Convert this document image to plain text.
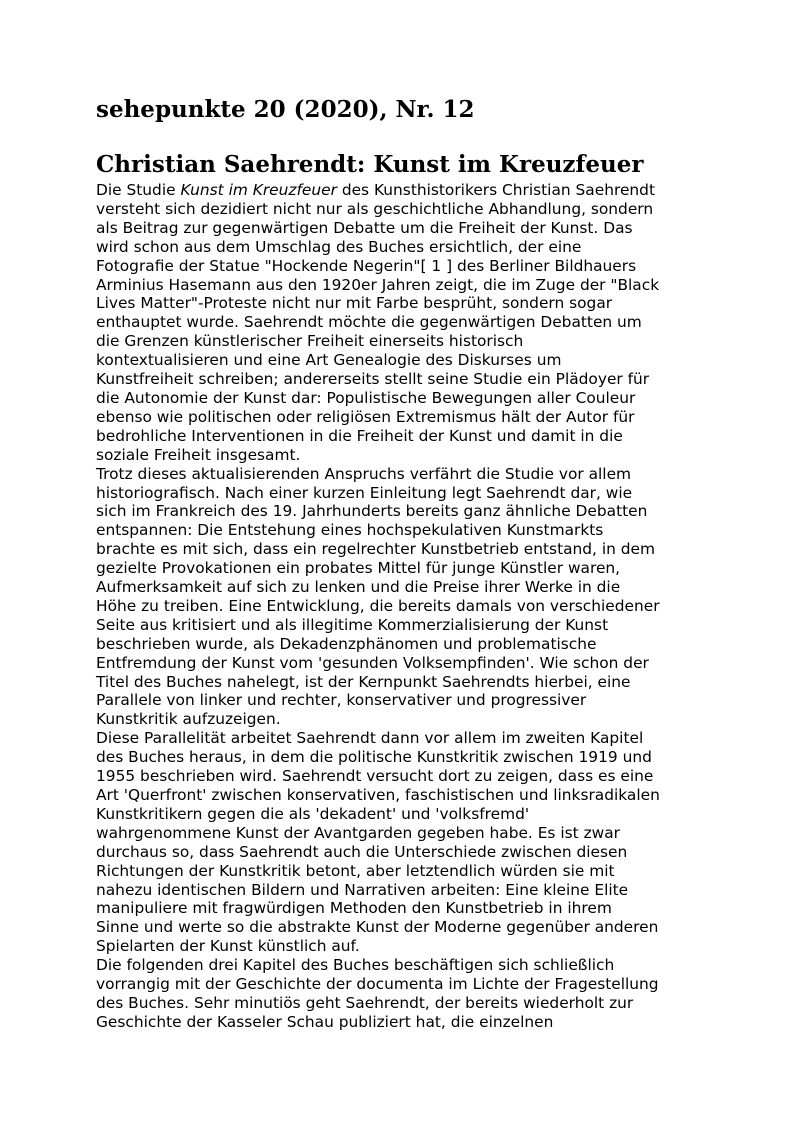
sehepunkte 20 (2020), Nr. 12
Christian Saehrendt: Kunst im Kreuzfeuer
Die Studie Kunst im Kreuzfeuer des Kunsthistorikers Christian Saehrendt
versteht sich dezidiert nicht nur als geschichtliche Abhandlung, sondern
als Beitrag zur gegenwärtigen Debatte um die Freiheit der Kunst. Das
wird schon aus dem Umschlag des Buches ersichtlich, der eine
Fotografie der Statue "Hockende Negerin"[ 1 ] des Berliner Bildhauers
Arminius Hasemann aus den 1920er Jahren zeigt, die im Zuge der "Black
Lives Matter"-Proteste nicht nur mit Farbe besprüht, sondern sogar
enthauptet wurde. Saehrendt möchte die gegenwärtigen Debatten um
die Grenzen künstlerischer Freiheit einerseits historisch
kontextualisieren und eine Art Genealogie des Diskurses um
Kunstfreiheit schreiben; andererseits stellt seine Studie ein Plädoyer für
die Autonomie der Kunst dar: Populistische Bewegungen aller Couleur
ebenso wie politischen oder religiösen Extremismus hält der Autor für
bedrohliche Interventionen in die Freiheit der Kunst und damit in die
soziale Freiheit insgesamt.
Trotz dieses aktualisierenden Anspruchs verfährt die Studie vor allem
historiografisch. Nach einer kurzen Einleitung legt Saehrendt dar, wie
sich im Frankreich des 19. Jahrhunderts bereits ganz ähnliche Debatten
entspannen: Die Entstehung eines hochspekulativen Kunstmarkts
brachte es mit sich, dass ein regelrechter Kunstbetrieb entstand, in dem
gezielte Provokationen ein probates Mittel für junge Künstler waren,
Aufmerksamkeit auf sich zu lenken und die Preise ihrer Werke in die
Höhe zu treiben. Eine Entwicklung, die bereits damals von verschiedener
Seite aus kritisiert und als illegitime Kommerzialisierung der Kunst
beschrieben wurde, als Dekadenzphänomen und problematische
Entfremdung der Kunst vom 'gesunden Volksempfinden'. Wie schon der
Titel des Buches nahelegt, ist der Kernpunkt Saehrendts hierbei, eine
Parallele von linker und rechter, konservativer und progressiver
Kunstkritik aufzuzeigen.
Diese Parallelität arbeitet Saehrendt dann vor allem im zweiten Kapitel
des Buches heraus, in dem die politische Kunstkritik zwischen 1919 und
1955 beschrieben wird. Saehrendt versucht dort zu zeigen, dass es eine
Art 'Querfront' zwischen konservativen, faschistischen und linksradikalen
Kunstkritikern gegen die als 'dekadent' und 'volksfremd'
wahrgenommene Kunst der Avantgarden gegeben habe. Es ist zwar
durchaus so, dass Saehrendt auch die Unterschiede zwischen diesen
Richtungen der Kunstkritik betont, aber letztendlich würden sie mit
nahezu identischen Bildern und Narrativen arbeiten: Eine kleine Elite
manipuliere mit fragwürdigen Methoden den Kunstbetrieb in ihrem
Sinne und werte so die abstrakte Kunst der Moderne gegenüber anderen
Spielarten der Kunst künstlich auf.
Die folgenden drei Kapitel des Buches beschäftigen sich schließlich
vorrangig mit der Geschichte der documenta im Lichte der Fragestellung
des Buches. Sehr minutiös geht Saehrendt, der bereits wiederholt zur
Geschichte der Kasseler Schau publiziert hat, die einzelnen
